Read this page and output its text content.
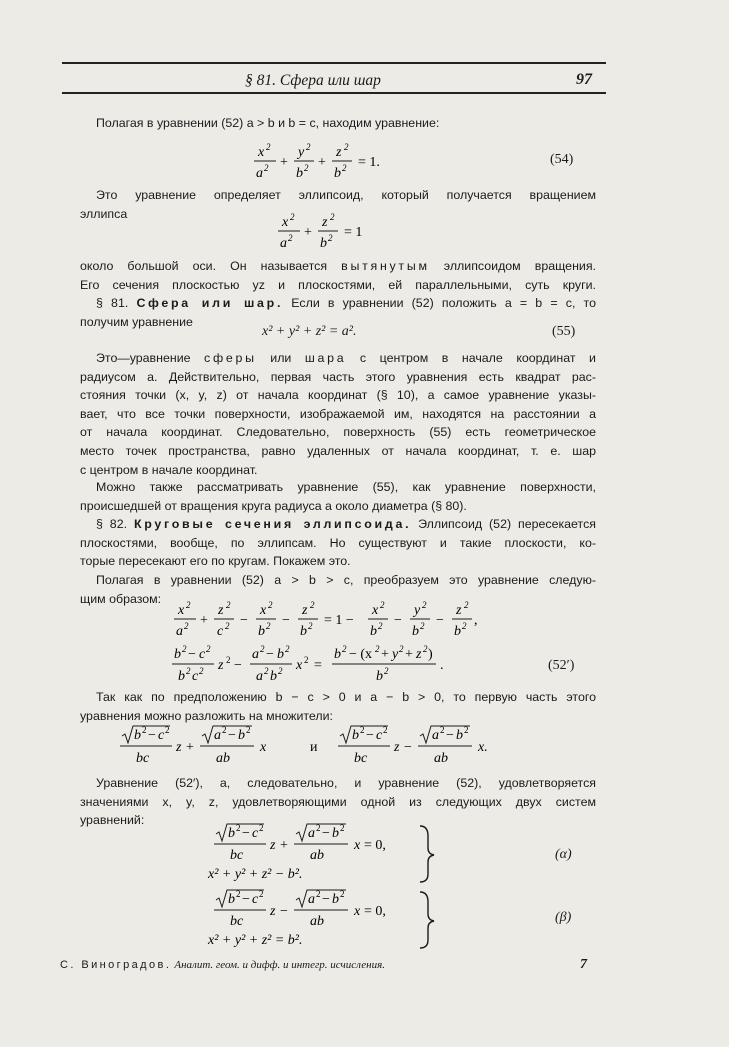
§ 81. Сфера или шар	97
Полагая в уравнении (52) a > b и b = c, находим уравнение:
x 2
a 2 +
y 2
b 2 +
z 2
b 2 = 1.	(54)
Это уравнение определяет эллипсоид, который получается вращением
эллипса
x 2
a 2 +
z 2
b 2 = 1
около большой оси. Он называется вытянутым эллипсоидом вращения.
Его сечения плоскостью yz и плоскостями, ей параллельными, суть круги.
§ 81. Сфера или шар. Если в уравнении (52) положить a = b = c, то
получим уравнение
x² + y² + z² = a².	(55)
Это—уравнение сферы или шара с центром в начале координат и
радиусом a. Действительно, первая часть этого уравнения есть квадрат рас-
стояния точки (x, y, z) от начала координат (§ 10), а самое уравнение указы-
вает, что все точки поверхности, изображаемой им, находятся на расстоянии a
от начала координат. Следовательно, поверхность (55) есть геометрическое
место точек пространства, равно удаленных от начала координат, т. е. шар
с центром в начале координат.
Можно также рассматривать уравнение (55), как уравнение поверхности,
происшедшей от вращения круга радиуса a около диаметра (§ 80).
§ 82. Круговые сечения эллипсоида. Эллипсоид (52) пересекается
плоскостями, вообще, по эллипсам. Но существуют и такие плоскости, ко-
торые пересекают его по кругам. Покажем это.
Полагая в уравнении (52) a > b > c, преобразуем это уравнение следую-
щим образом:
x 2
a 2 +
z 2
c 2 −
x 2
b 2 −
z 2
b 2 = 1 −
x 2
b 2 −
y 2
b 2 −
z 2
b 2 ,
b 2 − c 2
b 2 c 2 z 2 −
a 2 − b 2
a 2 b 2 x 2 =
b 2 − (x 2 + y 2 + z 2 )
b 2	.	(52′)
Так как по предположению b − c > 0 и a − b > 0, то первую часть этого
уравнения можно разложить на множители:
b 2 − c 2
bc
z +
a 2 − b 2
ab
x	и
b 2 − c 2
bc
z −
a 2 − b 2
ab
x.
Уравнение (52′), а, следовательно, и уравнение (52), удовлетворяется
значениями x, y, z, удовлетворяющими одной из следующих двух систем
уравнений:
b 2 − c 2
bc
z +
a 2 − b 2
ab
x = 0,
x² + y² + z² − b².
(α)
b 2 − c 2
bc
z −
a 2 − b 2
ab
x = 0,
x² + y² + z² = b².
(β)
С. Виноградов. Аналит. геом. и дифф. и интегр. исчисления.	7
